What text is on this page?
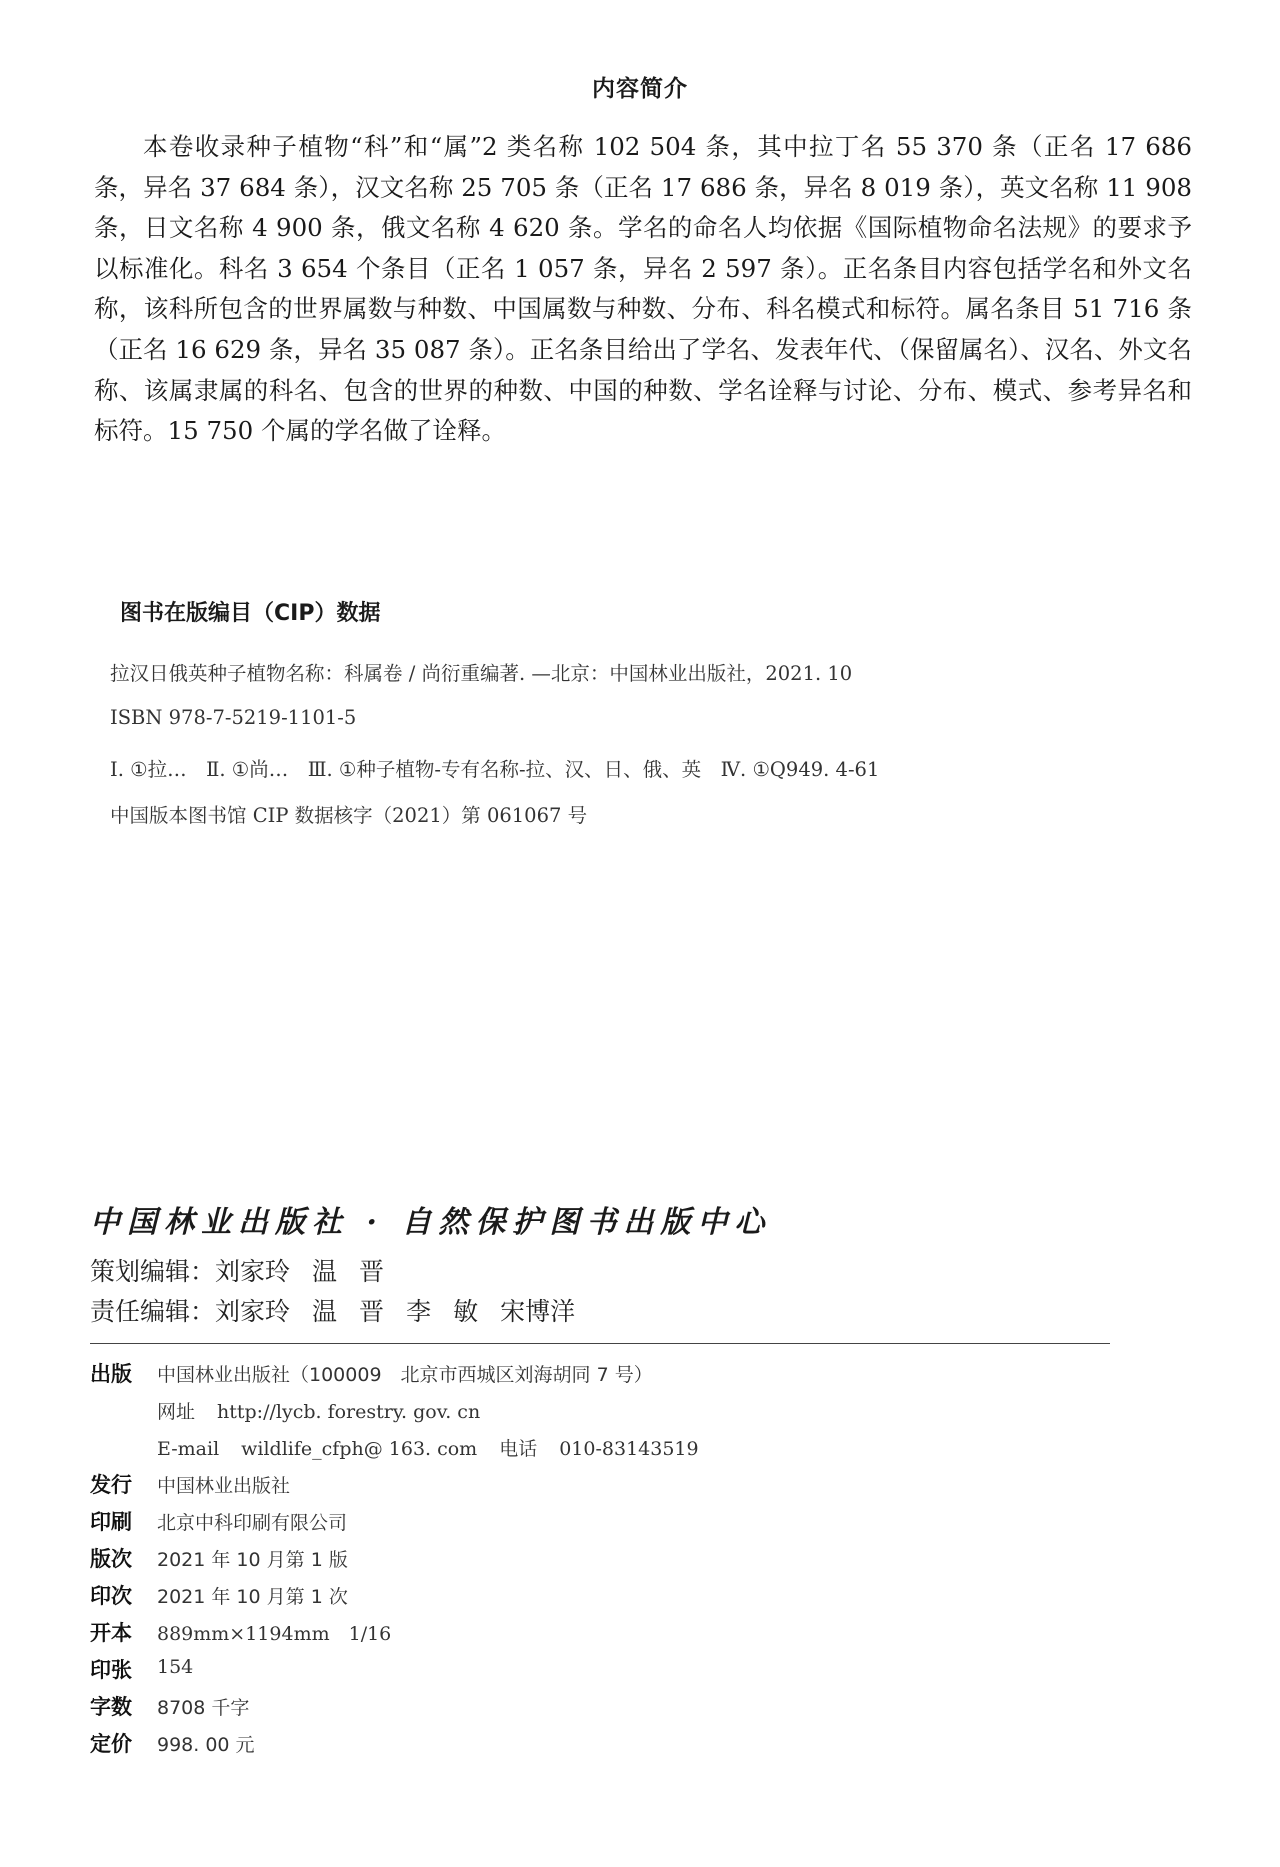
内容简介

本卷收录种子植物“科”和“属”2 类名称 102 504 条，其中拉丁名 55 370 条（正名 17 686 条，异名 37 684 条），汉文名称 25 705 条（正名 17 686 条，异名 8 019 条），英文名称 11 908 条，日文名称 4 900 条，俄文名称 4 620 条。学名的命名人均依据《国际植物命名法规》的要求予以标准化。科名 3 654 个条目（正名 1 057 条，异名 2 597 条）。正名条目内容包括学名和外文名称，该科所包含的世界属数与种数、中国属数与种数、分布、科名模式和标符。属名条目 51 716 条（正名 16 629 条，异名 35 087 条）。正名条目给出了学名、发表年代、（保留属名）、汉名、外文名称、该属隶属的科名、包含的世界的种数、中国的种数、学名诠释与讨论、分布、模式、参考异名和标符。15 750 个属的学名做了诠释。

图书在版编目（CIP）数据
拉汉日俄英种子植物名称：科属卷 / 尚衍重编著. —北京：中国林业出版社，2021. 10
ISBN 978-7-5219-1101-5
Ⅰ. ①拉…　Ⅱ. ①尚…　Ⅲ. ①种子植物-专有名称-拉、汉、日、俄、英　Ⅳ. ①Q949. 4-61
中国版本图书馆 CIP 数据核字（2021）第 061067 号
中国林业出版社 · 自然保护图书出版中心
策划编辑：刘家玲 温 晋
责任编辑：刘家玲 温 晋 李 敏 宋博洋
出版	中国林业出版社（100009　北京市西城区刘海胡同 7 号）
网址 http://lycb. forestry. gov. cn
E-mail wildlife_cfph@ 163. com 电话 010-83143519
发行	中国林业出版社
印刷	北京中科印刷有限公司
版次	2021 年 10 月第 1 版
印次	2021 年 10 月第 1 次
开本	889mm×1194mm　1/16
印张	154
字数	8708 千字
定价	998. 00 元
